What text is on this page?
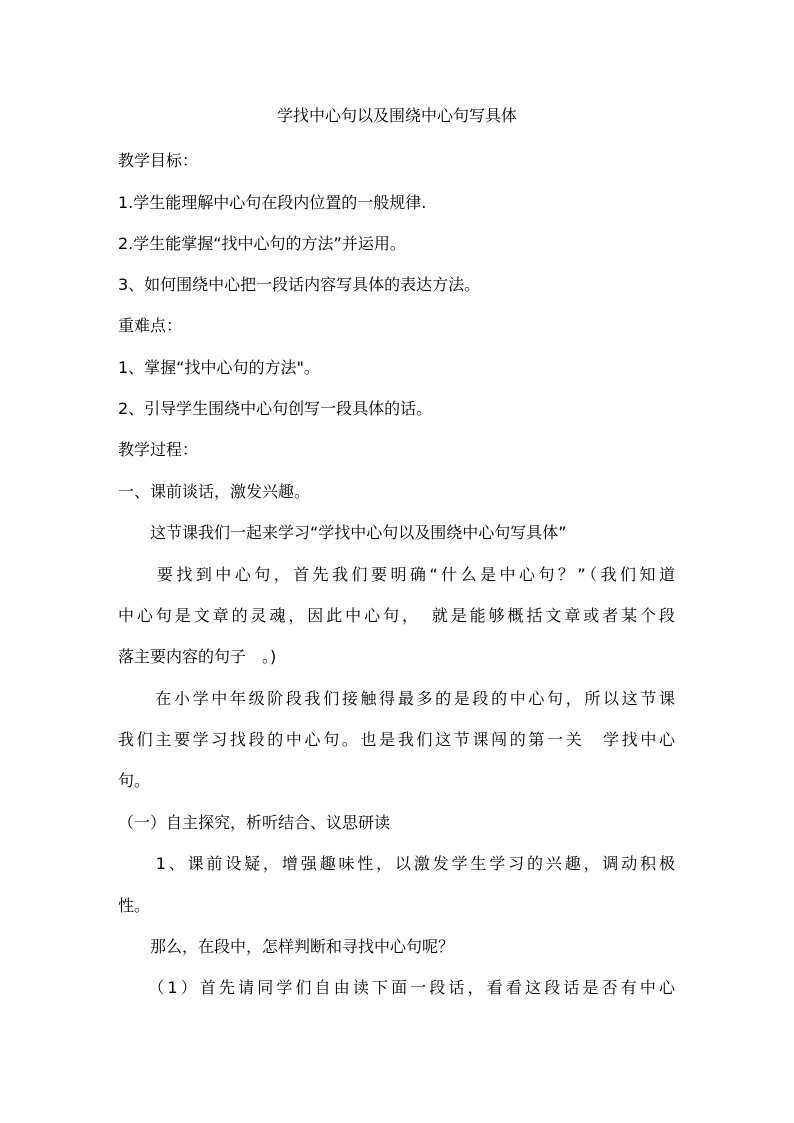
学找中心句以及围绕中心句写具体
教学目标：
1.学生能理解中心句在段内位置的一般规律.
2.学生能掌握“找中心句的方法”并运用。
3、如何围绕中心把一段话内容写具体的表达方法。
重难点：
1、掌握“找中心句的方法"。
2、引导学生围绕中心句创写一段具体的话。
教学过程：
一、课前谈话，激发兴趣。
　　这节课我们一起来学习“学找中心句以及围绕中心句写具体”
　　要找到中心句，首先我们要明确“什么是中心句？”（我们知道
中心句是文章的灵魂，因此中心句，　就是能够概括文章或者某个段
落主要内容的句子　。)
　　在小学中年级阶段我们接触得最多的是段的中心句，所以这节课
我们主要学习找段的中心句。也是我们这节课闯的第一关　学找中心
句。
（一）自主探究，析听结合、议思研读
　　1、课前设疑，增强趣味性，以激发学生学习的兴趣，调动积极
性。
　　那么，在段中，怎样判断和寻找中心句呢？
　　（1）首先请同学们自由读下面一段话，看看这段话是否有中心
